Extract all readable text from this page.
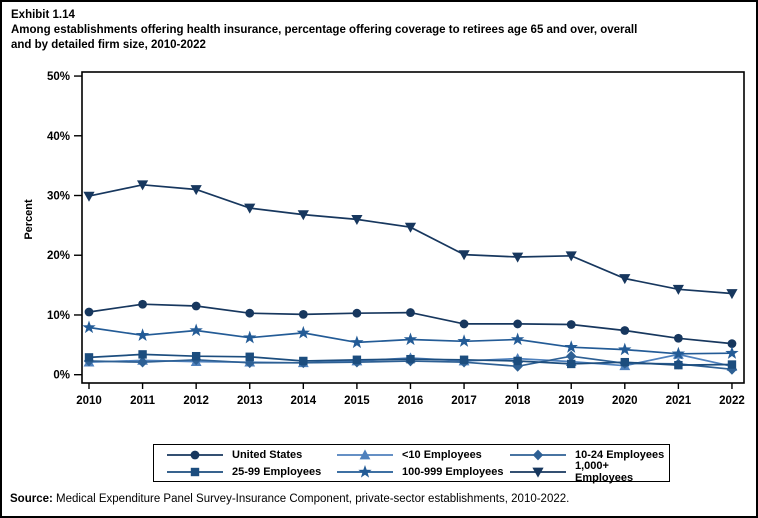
Exhibit 1.14
Among establishments offering health insurance, percentage offering coverage to retirees age 65 and over, overall
and by detailed firm size, 2010-2022
0%
10%
20%
30%
40%
50%
2010 2011 2012 2013 2014 2015 2016 2017 2018 2019 2020 2021 2022
Percent
United States	<10 Employees	10-24 Employees
25-99 Employees	100-999 Employees	1,000+ Employees
Source: Medical Expenditure Panel Survey-Insurance Component, private-sector establishments, 2010-2022.
